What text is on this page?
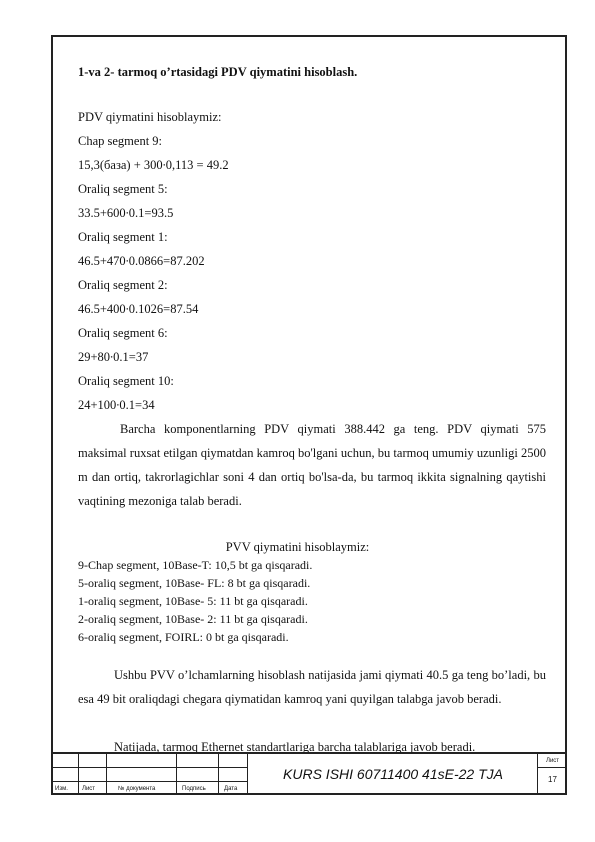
1-va 2- tarmoq o’rtasidagi PDV qiymatini hisoblash.
PDV qiymatini hisoblaymiz:
Chap segment 9:
15,3(база) + 300∙0,113 = 49.2
Oraliq segment 5:
33.5+600∙0.1=93.5
Oraliq segment 1:
46.5+470∙0.0866=87.202
Oraliq segment 2:
46.5+400∙0.1026=87.54
Oraliq segment 6:
29+80∙0.1=37
Oraliq segment 10:
24+100∙0.1=34
Barcha komponentlarning PDV qiymati 388.442 ga teng. PDV qiymati 575 maksimal ruxsat etilgan qiymatdan kamroq bo'lgani uchun, bu tarmoq umumiy uzunligi 2500 m dan ortiq, takrorlagichlar soni 4 dan ortiq bo'lsa-da, bu tarmoq ikkita signalning qaytishi vaqtining mezoniga talab beradi.
PVV qiymatini hisoblaymiz:
9-Chap segment, 10Base-T: 10,5 bt ga qisqaradi.
5-oraliq segment, 10Base- FL: 8 bt ga qisqaradi.
1-oraliq segment, 10Base- 5: 11 bt ga qisqaradi.
2-oraliq segment, 10Base- 2: 11 bt ga qisqaradi.
6-oraliq segment, FOIRL: 0 bt ga qisqaradi.
Ushbu PVV o’lchamlarning hisoblash natijasida jami qiymati 40.5 ga teng bo’ladi, bu esa 49 bit oraliqdagi chegara qiymatidan kamroq yani quyilgan talabga javob beradi.
Natijada, tarmoq Ethernet standartlariga barcha talablariga javob beradi.
Изм. Лист	№ документа	Подпись	Дата
KURS ISHI 60711400 41sE-22 TJA
Лист
17
